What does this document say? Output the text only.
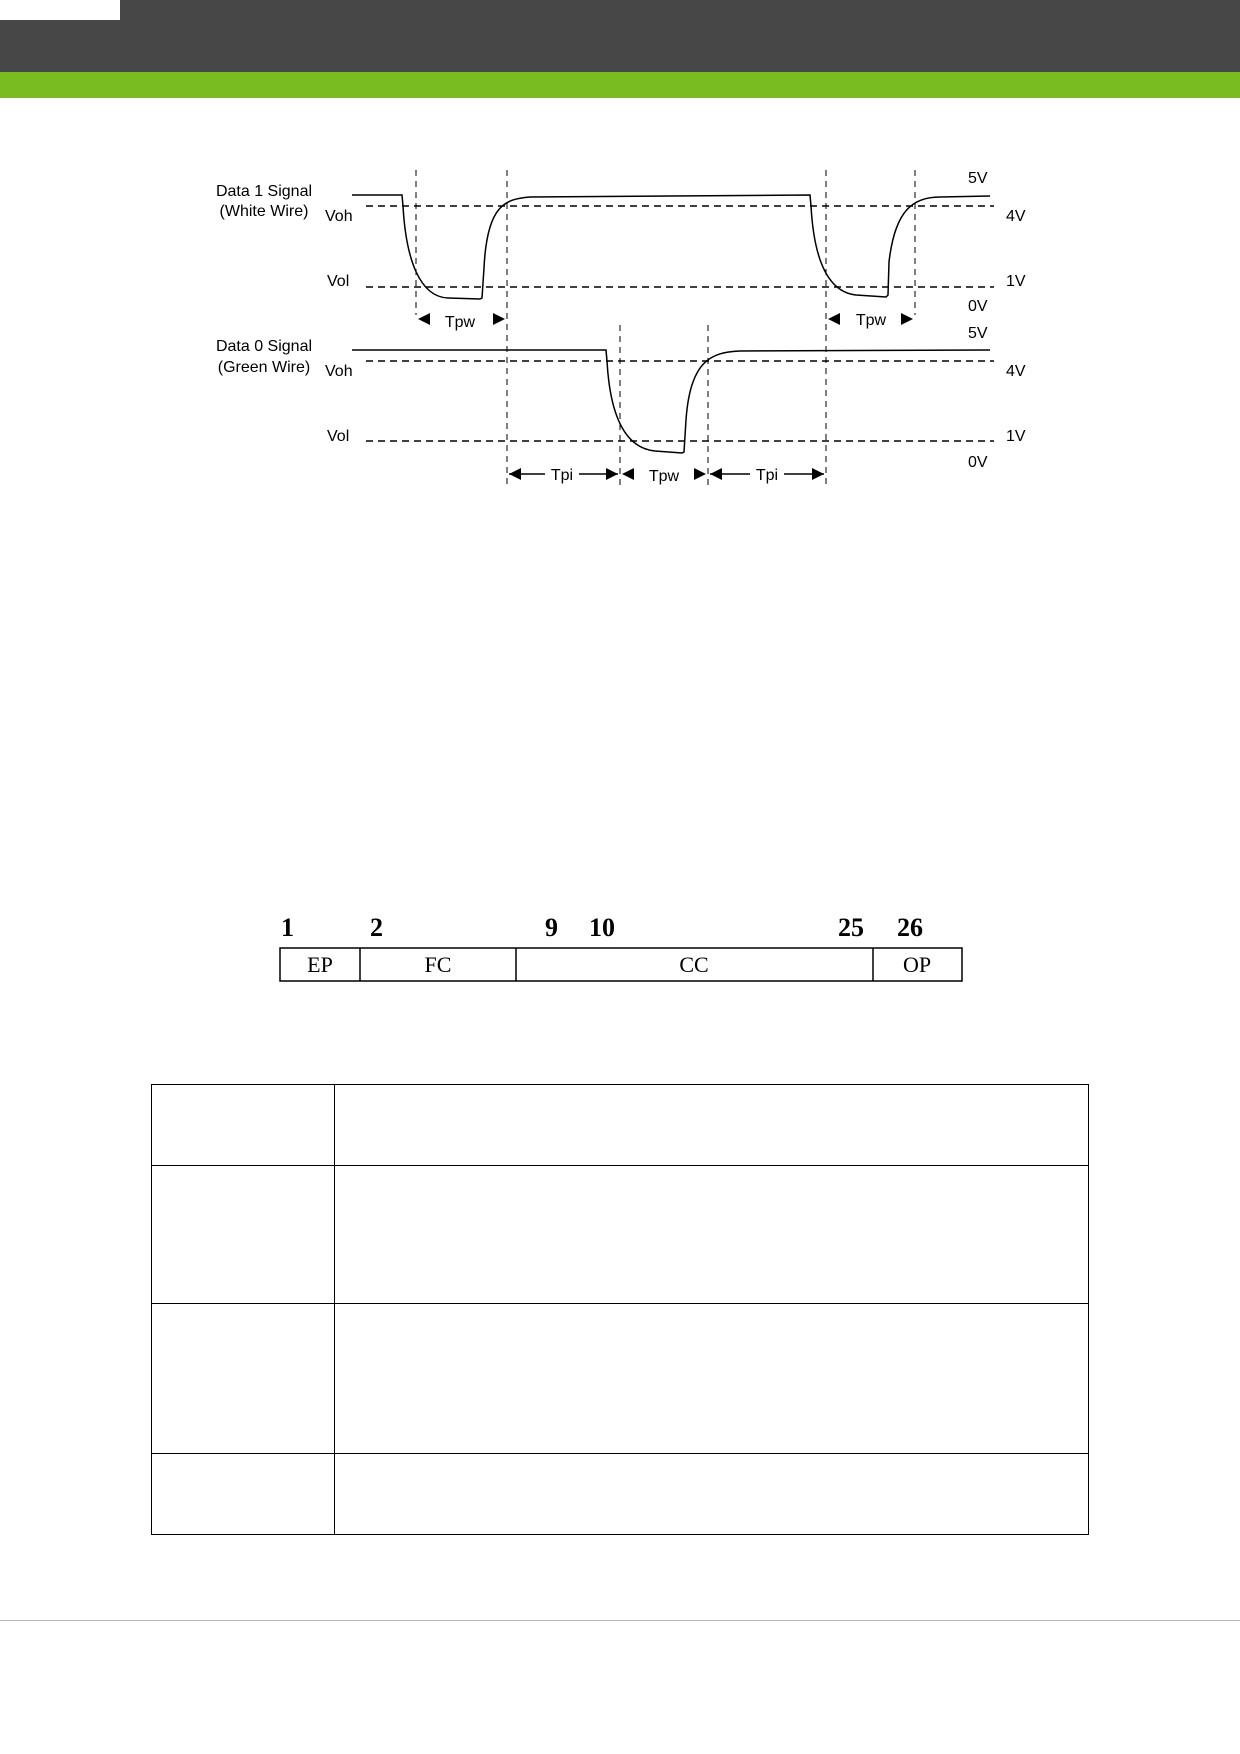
Data 1 Signal
(White Wire) Voh
Vol
5V
4V
1V
0V
Tpw	Tpw
Data 0 Signal
(Green Wire) Voh
Vol
5V
4V
1V
0V
Tpi	Tpw	Tpi
1	2	9 10	25 26
EP	FC	CC	OP
